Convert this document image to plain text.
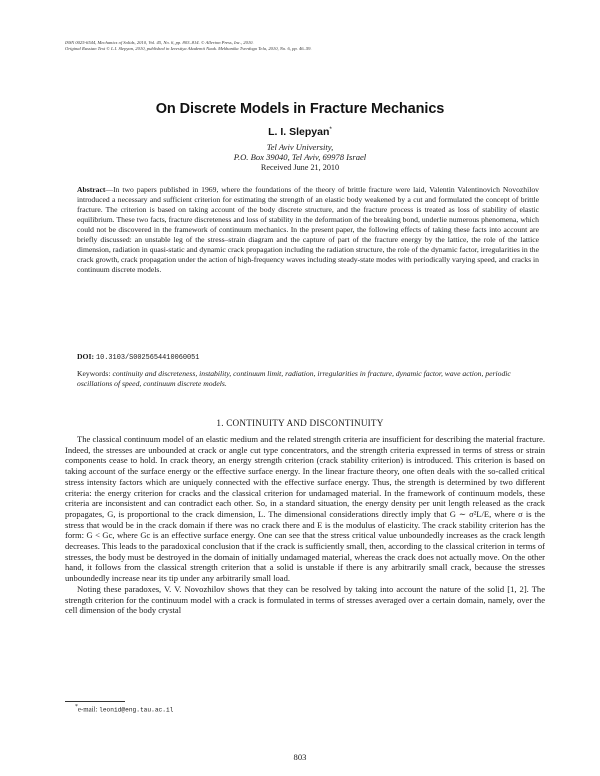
ISSN 0025-6544, Mechanics of Solids, 2010, Vol. 45, No. 6, pp. 803–814. © Allerton Press, Inc., 2010.
Original Russian Text © L.I. Slepyan, 2010, published in Izvestiya Akademii Nauk. Mekhanika Tverdogo Tela, 2010, No. 6, pp. 46–59.
On Discrete Models in Fracture Mechanics
L. I. Slepyan*
Tel Aviv University,
P.O. Box 39040, Tel Aviv, 69978 Israel
Received June 21, 2010
Abstract—In two papers published in 1969, where the foundations of the theory of brittle fracture were laid, Valentin Valentinovich Novozhilov introduced a necessary and sufficient criterion for estimating the strength of an elastic body weakened by a cut and formulated the concept of brittle fracture. The criterion is based on taking account of the body discrete structure, and the fracture process is treated as loss of stability of elastic equilibrium. These two facts, fracture discreteness and loss of stability in the deformation of the breaking bond, underlie numerous phenomena, which could not be discovered in the framework of continuum mechanics. In the present paper, the following effects of taking these facts into account are briefly discussed: an unstable leg of the stress–strain diagram and the capture of part of the fracture energy by the lattice, the role of the lattice dimension, radiation in quasi-static and dynamic crack propagation including the radiation structure, the role of the dynamic factor, irregularities in the crack growth, crack propagation under the action of high-frequency waves including steady-state modes with periodically varying speed, and cracks in continuum discrete models.
DOI: 10.3103/S0025654410060051
Keywords: continuity and discreteness, instability, continuum limit, radiation, irregularities in fracture, dynamic factor, wave action, periodic oscillations of speed, continuum discrete models.
1. CONTINUITY AND DISCONTINUITY

The classical continuum model of an elastic medium and the related strength criteria are insufficient for describing the material fracture. Indeed, the stresses are unbounded at crack or angle cut type concentrators, and the strength criteria expressed in terms of stress or strain components cease to hold. In crack theory, an energy strength criterion (crack stability criterion) is introduced. This criterion is based on taking account of the surface energy or the effective surface energy. In the linear fracture theory, one often deals with the so-called critical stress intensity factors which are uniquely connected with the effective surface energy. Thus, the strength is determined by two different criteria: the energy criterion for cracks and the classical criterion for undamaged material. In the framework of continuum models, these criteria are inconsistent and can contradict each other. So, in a standard situation, the energy density per unit length released as the crack propagates, G, is proportional to the crack dimension, L. The dimensional considerations directly imply that G ∼ σ²L/E, where σ is the stress that would be in the crack domain if there was no crack there and E is the modulus of elasticity. The crack stability criterion has the form: G < Gc, where Gc is an effective surface energy. One can see that the stress critical value unboundedly increases as the crack length decreases. This leads to the paradoxical conclusion that if the crack is sufficiently small, then, according to the classical criterion in terms of stresses, the body must be destroyed in the domain of initially undamaged material, whereas the crack does not actually move. On the other hand, it follows from the classical strength criterion that a solid is unstable if there is any arbitrarily small crack, because the stresses unboundedly increase near its tip under any arbitrarily small load.

Noting these paradoxes, V. V. Novozhilov shows that they can be resolved by taking into account the nature of the solid [1, 2]. The strength criterion for the continuum model with a crack is formulated in terms of stresses averaged over a certain domain, namely, over the cell dimension of the body crystal

*e-mail: leonid@eng.tau.ac.il
803
